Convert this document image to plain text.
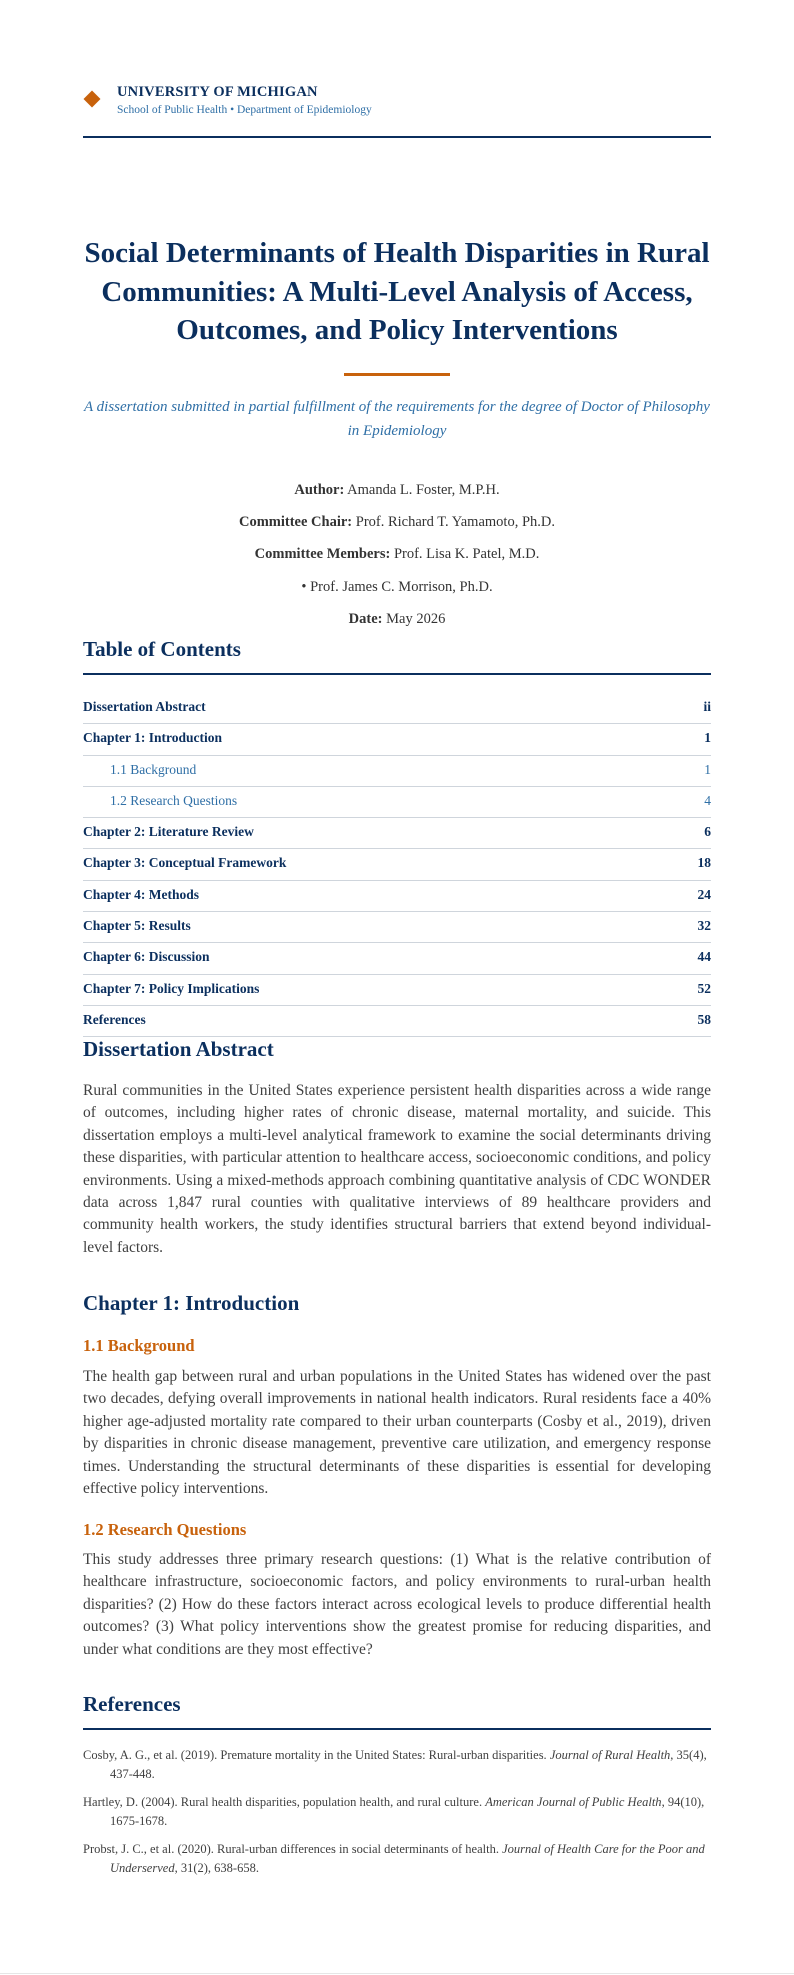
UNIVERSITY OF MICHIGAN
School of Public Health • Department of Epidemiology
Social Determinants of Health Disparities in Rural Communities: A Multi-Level Analysis of Access, Outcomes, and Policy Interventions
A dissertation submitted in partial fulfillment of the requirements for the degree of Doctor of Philosophy in Epidemiology
Author: Amanda L. Foster, M.P.H.
Committee Chair: Prof. Richard T. Yamamoto, Ph.D.
Committee Members: Prof. Lisa K. Patel, M.D.
• Prof. James C. Morrison, Ph.D.
Date: May 2026
Table of Contents
Dissertation Abstract	ii
Chapter 1: Introduction	1
1.1 Background	1
1.2 Research Questions	4
Chapter 2: Literature Review	6
Chapter 3: Conceptual Framework	18
Chapter 4: Methods	24
Chapter 5: Results	32
Chapter 6: Discussion	44
Chapter 7: Policy Implications	52
References	58
Dissertation Abstract
Rural communities in the United States experience persistent health disparities across a wide range of outcomes, including higher rates of chronic disease, maternal mortality, and suicide. This dissertation employs a multi-level analytical framework to examine the social determinants driving these disparities, with particular attention to healthcare access, socioeconomic conditions, and policy environments. Using a mixed-methods approach combining quantitative analysis of CDC WONDER data across 1,847 rural counties with qualitative interviews of 89 healthcare providers and community health workers, the study identifies structural barriers that extend beyond individual-level factors.
Chapter 1: Introduction
1.1 Background
The health gap between rural and urban populations in the United States has widened over the past two decades, defying overall improvements in national health indicators. Rural residents face a 40% higher age-adjusted mortality rate compared to their urban counterparts (Cosby et al., 2019), driven by disparities in chronic disease management, preventive care utilization, and emergency response times. Understanding the structural determinants of these disparities is essential for developing effective policy interventions.
1.2 Research Questions
This study addresses three primary research questions: (1) What is the relative contribution of healthcare infrastructure, socioeconomic factors, and policy environments to rural-urban health disparities? (2) How do these factors interact across ecological levels to produce differential health outcomes? (3) What policy interventions show the greatest promise for reducing disparities, and under what conditions are they most effective?
References
Cosby, A. G., et al. (2019). Premature mortality in the United States: Rural-urban disparities. Journal of Rural Health, 35(4), 437-448.
Hartley, D. (2004). Rural health disparities, population health, and rural culture. American Journal of Public Health, 94(10), 1675-1678.
Probst, J. C., et al. (2020). Rural-urban differences in social determinants of health. Journal of Health Care for the Poor and Underserved, 31(2), 638-658.
